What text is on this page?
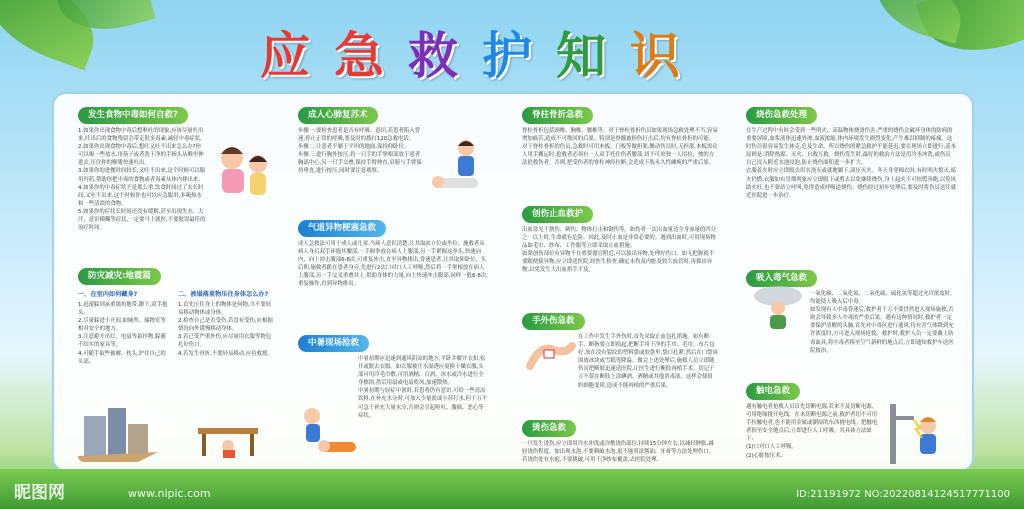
应 急 救 护 知 识
发生食物中毒如何自救?
1.如果你出现食物中毒后想呕吐的现象,应该尽量吐出来,吐出后的食物残留会带走很多毒素,减轻中毒症状。
2.如果你出现食物中毒后,想吐又吐不出来怎么办?你可以喝一些盐水,用筷子或者洗干净的手指头从喉里伸进去,压住你的喉咙快速吐出。
3.如果你的进餐时间较长,又吐不出来,这个时候可以服用泻药,帮助你把中毒的食物或者毒素从体内排出来。
4.如果你的中毒症状不是那么重,饮食时间过了太长时间,又吐不出来,这个时候你也可以应急服用,多喝热水和一些清淡的食物。
5.如果你的症状长时间还没有缓解,甚至出现失水、大汗、意识模糊等症状,一定要马上就医,不要耽误最佳的治疗时间。
防灾减灾:地震篇
一、在室内如何藏身?
1.迅速躲到承重墙角地带,蹲下,双手抱头。
2.尽量躲进小开间,如厕所、储物室等相对安全的地方。
3.注意避开吊灯、电扇等悬挂物,躲避不结实的家具等。
4.可随手取些被褥、枕头,护住自己的头部。
二、被塌落重物压住身体怎么办?
1.首先压住身上的物体是何物,当不要轻易移动物体或身体。
2.检查自己是否受伤,若没有受伤,应根据情况向外缓慢移动身体。
3.若已受严重外伤,应尽量用衣服等物包扎好伤口。
4.若发生骨折,不要轻易移动,应待救援。
成人心肺复苏术
步骤一:要检查患者是否有呼吸、意识,若患者陷入昏迷,停止正常的呼吸,要及时的拨打120急救电话。
步骤二:让患者平躺于平坦的地面,保持仰卧位。
步骤三:进行胸外按压,将一只手的手掌根部放于患者胸部中心,另一只手交叠,保持手臂伸直,肩膀与手臂保持垂直,进行按压,同时要注意观察。
气道异物梗塞急救
成人急救法可用于成人或儿童,当病人意识清楚,让其取站立位或坐位。施救者从病人身后双手环抱其腰部,一手握拳放在病人上腹部,另一手紧握这拳头,快速向内、向上冲击腹部6-8次,可重复冲击,直至异物排出,昏迷患者,让其取仰卧位、头后仰,施救者跪在患者身旁,先进行2次口对口人工呼吸,然后将一手掌根放在病人上腹部,另一手交叉重叠其上,借助身体的力量,向上快速冲击腹部,同样一般6-8次,重复操作,直到异物排出。
中暑现场抢救
中暑初期应迅速到通风阴凉的地方,平卧并解开衣扣,松开或脱去衣服。如衣服被汗水湿透应更换干燥衣服,头部可用冷毛巾敷,可用酒精、白酒、冰水或冷水进行全身擦浴,然后用扇或电扇吹风,加速散热。
中暑初期与轻症中暑时,若患者仍有意识,可给一些清凉饮料,在补充水分时,可加入少量盐或小苏打水,但千万不可急于补充大量水分,否则会引起呕吐、腹痛、恶心等症状。
脊柱骨折急救
脊柱骨折包括颈椎、胸椎、腰椎等。对于脊柱骨折伤员如果现场急救处理不当,容易增加痛苦,造成不可挽回的后果。特别是脊髓被损伤打击后,均有脊柱骨折的可能。对于脊柱骨折的伤员,急救时可用木板、门板等做担架,搬动伤员时,无担架,木板需众人用手搬运时,抢救者必须有一人双手托住伤者腰部,切不可单独一人用拉、拽的方法抢救伤者。否则,把受伤者的脊柱神经拉断,会造成下肢永久性瘫痪的严重后果。
创伤止血救护
出血常见于割伤、刺伤、物体打击和钢伤等。如伤者一次出血量达全身血量的四分之一以上时,生命就有危险。因此,及时止血是非常必要的。遇到出血时,可用现场物品如毛巾、纱布、工作服等立即采取止血措施。
如果创伤部位有异物不在重要器官附近,可以拔出异物,处理好伤口。如无把握就不要随便拔异物,应立即送医院,经医生检查,确定未伤及内脏及较大血管时,再拔出异物,以免发生大出血措手不及。
手外伤急救
在工作中发生手外伤时,首先采取止血包扎措施。如有断手、断指要立即拾起,把断手用干净的手巾、毛巾、布片包好,放在没有裂纹的塑料袋或胶袋里,袋口扎紧,然后在口袋周围放冰块或雪糕等降温。做完上述处理后,施救人员立即随伤员把断肢迅速送医院,让医生进行断肢再植手术。切记千万不要在断肢上涂碘酒、酒精或其他消毒液。这样会使组织细胞变质,造成不能再植的严重后果。
烫伤急救
一旦发生烫伤,应立即用冷水冲洗或冷敷烫伤部位,持续15分钟左右,以减轻肿胀,减轻烫伤程度。如出现水泡,不要刺破水泡,更不能用涂酱油、牙膏等方法处理伤口。若烫伤处有水疱,不要挑破,可用干净纱布覆盖,去医院处理。
烧伤急救处理
在生产过程中有时会受到一些明火、高温物体烧烫伤害,严重的烧伤会破坏身体的防病的重要屏障,血浆液体迅速外渗,血液浓缩,体内环境发生剧烈变化,产生难以抑制的疼痛。这时伤员很容易发生休克,危及生命。所以烧伤的紧急救护不能延迟,要在现场立即进行,基本原则是:消除热源、灭火、自救互救。烧伤发生时,最好的救治方法是用冷水冲洗,或伤员自己浸入附近水池浸泡,防止烧伤面积进一步扩大。
衣服着火时应立即脱去用水浇灭或就地躺下,滚压灭火。冬天身穿棉衣时,有时明火熄灭,暗火仍燃,衣服如有冒烟现象应立即脱下或剪去以免继续烧伤,身上起火不可惊慌奔跑,以免风助火旺,也不要站立呼叫,免得造成呼吸道烧伤。烧伤经过初步处理后,要及时将伤员送往就近医院进一步治疗。
吸入毒气急救
一氧化碳、二氧化氮、二氧化硫、硫化氢等超过允许浓度时,均能使人吸入后中毒。
如发现有人中毒昏迷后,救护者千万不要冒然进入现场施救,否则会导致多人中毒的严重后果。遇有这种情况时,救护者一定要保护清醒的头脑,首先对中毒区进行通风,待有害气体降到允许浓度时,方可进入现场抢救。救护时,救护人员一定要戴上防毒面具,将中毒者移至空气新鲜的地点后,立即通知救护车送医院救治。
触电急救
遇有触电者抢救人员首先切断电源,若来不及切断电源,可用绝缘挑开电线。在未切断电源之前,救护者切不可用手拉触电者,也不能用金属或潮湿的东西挑电线。把触电者抬至安全地点后,立即进行人工呼吸。其具体方法如下:
(1)口对口人工呼吸。
(2)心脏按压术。
昵图网	www.nipic.com	ID:21191972 NO:20220814124517771100
